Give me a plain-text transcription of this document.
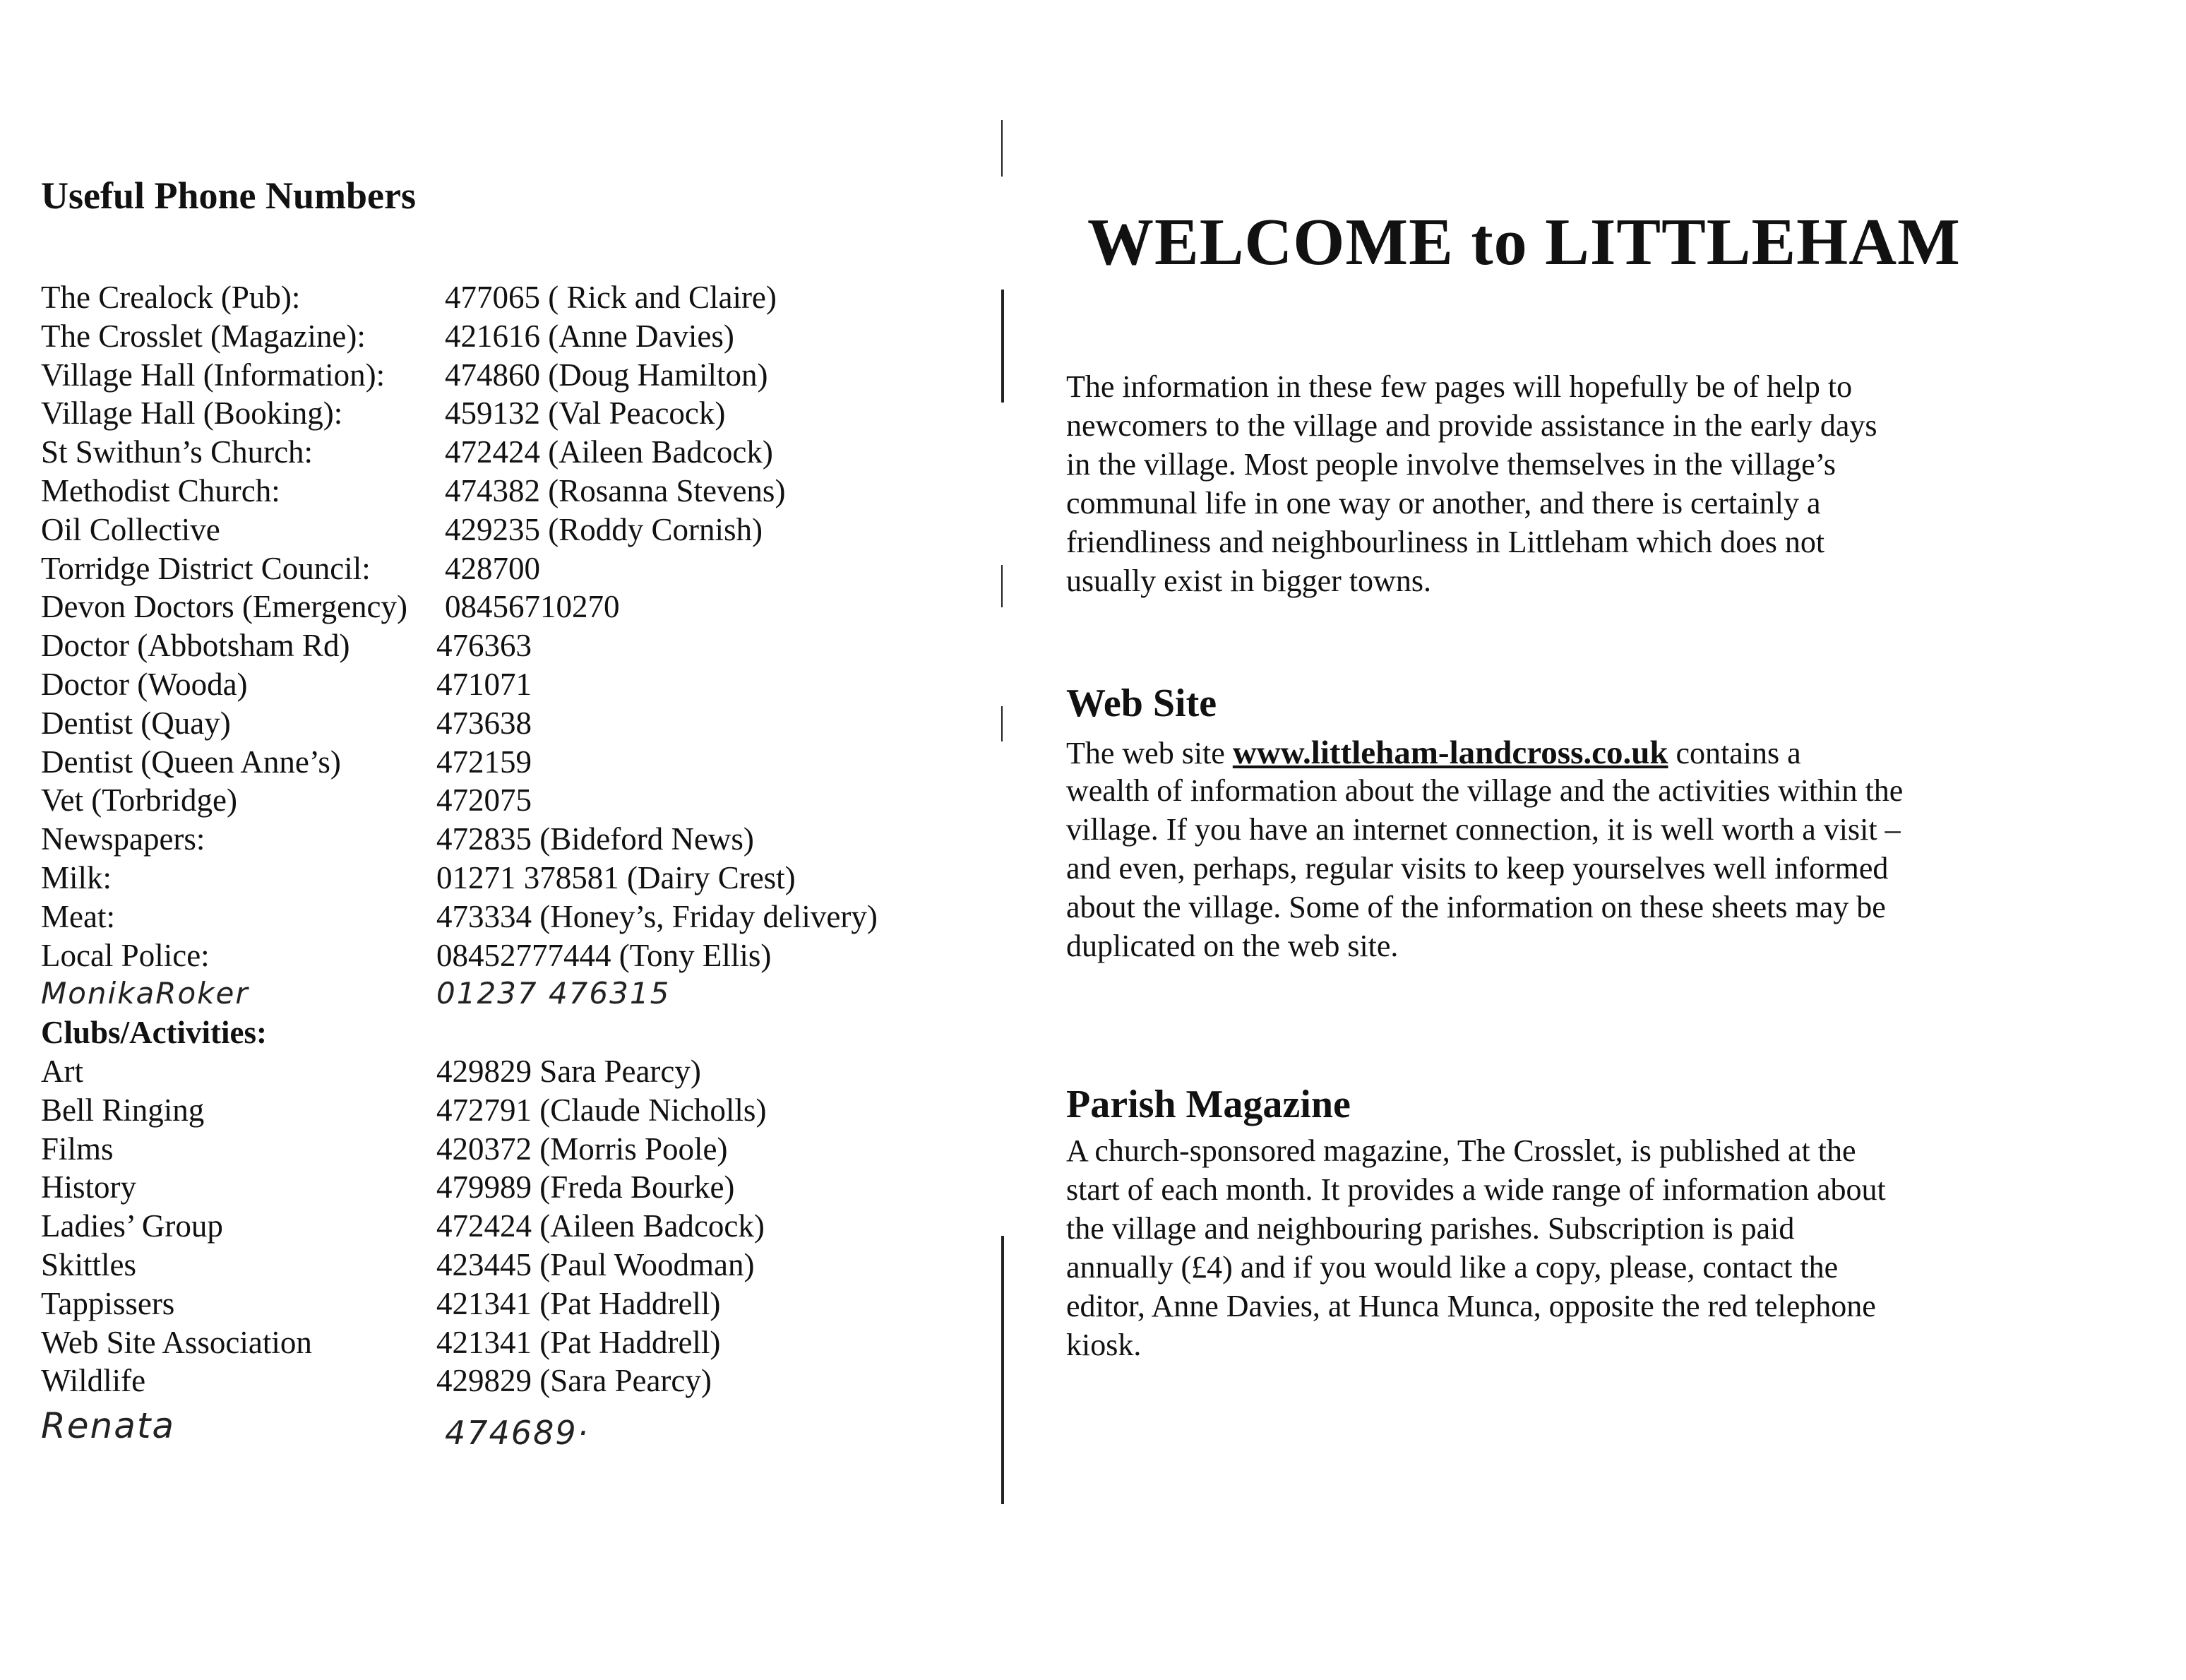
Useful Phone Numbers
The Crealock (Pub):	477065 ( Rick and Claire)
The Crosslet (Magazine): 421616 (Anne Davies)
Village Hall (Information): 474860 (Doug Hamilton)
Village Hall (Booking):	459132 (Val Peacock)
St Swithun’s Church:	472424 (Aileen Badcock)
Methodist Church:	474382 (Rosanna Stevens)
Oil Collective	429235 (Roddy Cornish)
Torridge District Council: 428700
Devon Doctors (Emergency) 08456710270
Doctor (Abbotsham Rd)	476363
Doctor (Wooda)	471071
Dentist (Quay)	473638
Dentist (Queen Anne’s)	472159
Vet (Torbridge)	472075
Newspapers:	472835 (Bideford News)
Milk:	01271 378581 (Dairy Crest)
Meat:	473334 (Honey’s, Friday delivery)
Local Police:	08452777444 (Tony Ellis)
MonikaRoker	01237 476315
Clubs/Activities:
Art	429829 Sara Pearcy)
Bell Ringing	472791 (Claude Nicholls)
Films	420372 (Morris Poole)
History	479989 (Freda Bourke)
Ladies’ Group	472424 (Aileen Badcock)
Skittles	423445 (Paul Woodman)
Tappissers	421341 (Pat Haddrell)
Web Site Association	421341 (Pat Haddrell)
Wildlife	429829 (Sara Pearcy)
Renata	474689·
WELCOME to LITTLEHAM
The information in these few pages will hopefully be of help to
newcomers to the village and provide assistance in the early days
in the village. Most people involve themselves in the village’s
communal life in one way or another, and there is certainly a
friendliness and neighbourliness in Littleham which does not
usually exist in bigger towns.
Web Site
The web site www.littleham-landcross.co.uk contains a
wealth of information about the village and the activities within the
village. If you have an internet connection, it is well worth a visit –
and even, perhaps, regular visits to keep yourselves well informed
about the village. Some of the information on these sheets may be
duplicated on the web site.
Parish Magazine
A church-sponsored magazine, The Crosslet, is published at the
start of each month. It provides a wide range of information about
the village and neighbouring parishes. Subscription is paid
annually (£4) and if you would like a copy, please, contact the
editor, Anne Davies, at Hunca Munca, opposite the red telephone
kiosk.
